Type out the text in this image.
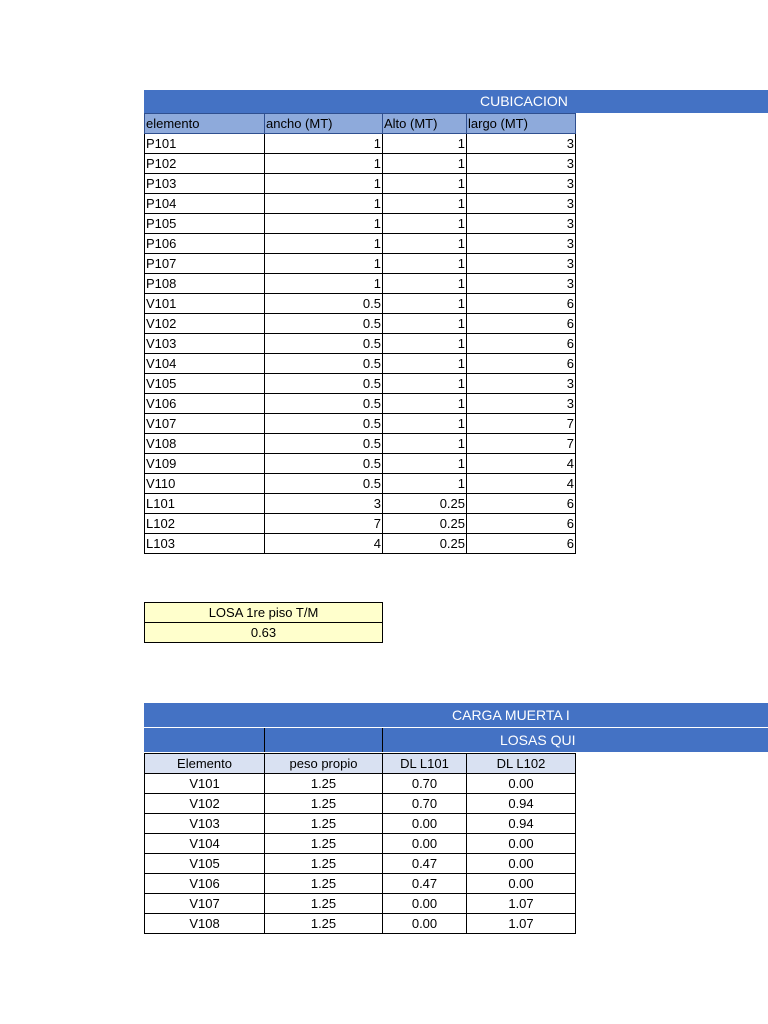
CUBICACION
elemento	ancho (MT)	Alto (MT)	largo (MT)
P101	1	1	3
P102	1	1	3
P103	1	1	3
P104	1	1	3
P105	1	1	3
P106	1	1	3
P107	1	1	3
P108	1	1	3
V101	0.5	1	6
V102	0.5	1	6
V103	0.5	1	6
V104	0.5	1	6
V105	0.5	1	3
V106	0.5	1	3
V107	0.5	1	7
V108	0.5	1	7
V109	0.5	1	4
V110	0.5	1	4
L101	3	0.25	6
L102	7	0.25	6
L103	4	0.25	6
LOSA 1re piso T/M
0.63
CARGA MUERTA I
LOSAS QUI
Elemento	peso propio	DL L101	DL L102
V101	1.25	0.70	0.00
V102	1.25	0.70	0.94
V103	1.25	0.00	0.94
V104	1.25	0.00	0.00
V105	1.25	0.47	0.00
V106	1.25	0.47	0.00
V107	1.25	0.00	1.07
V108	1.25	0.00	1.07
